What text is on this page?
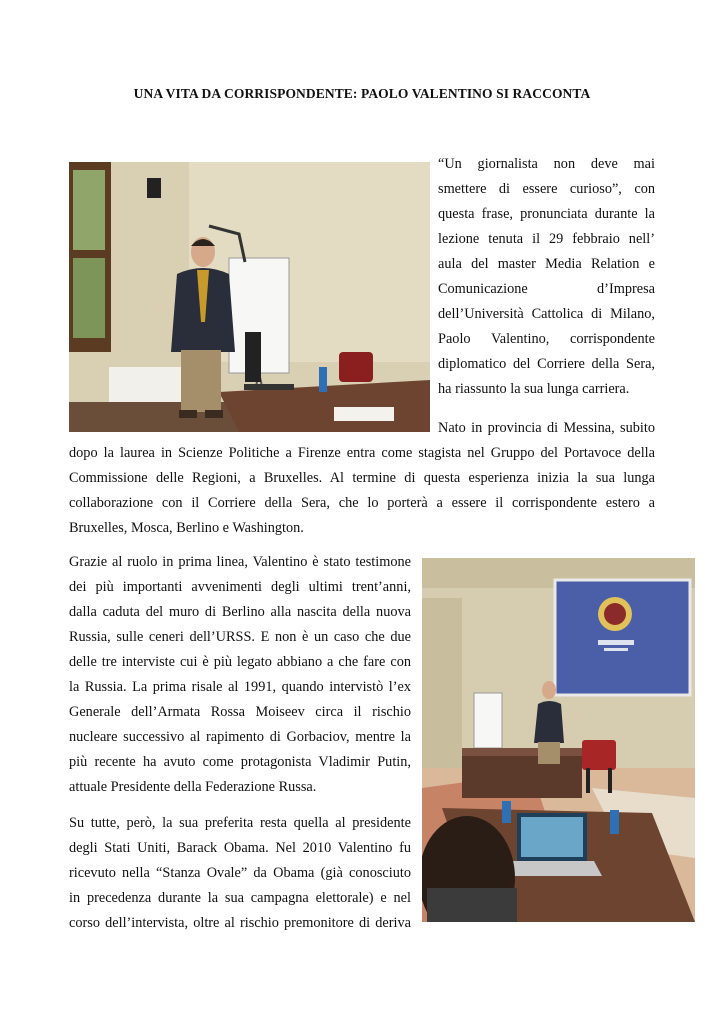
UNA VITA DA CORRISPONDENTE: PAOLO VALENTINO SI RACCONTA
“Un giornalista non deve mai
smettere di essere curioso”, con
questa frase, pronunciata durante la
lezione tenuta il 29 febbraio nell’
aula del master Media Relation e
Comunicazione d’Impresa
dell’Università Cattolica di Milano,
Paolo Valentino, corrispondente
diplomatico del Corriere della Sera,
ha riassunto la sua lunga carriera.
Nato in provincia di Messina, subito
dopo la laurea in Scienze Politiche a Firenze entra come stagista nel Gruppo del Portavoce della
Commissione delle Regioni, a Bruxelles. Al termine di questa esperienza inizia la sua lunga
collaborazione con il Corriere della Sera, che lo porterà a essere il corrispondente estero a
Bruxelles, Mosca, Berlino e Washington.
Grazie al ruolo in prima linea, Valentino è stato testimone
dei più importanti avvenimenti degli ultimi trent’anni,
dalla caduta del muro di Berlino alla nascita della nuova
Russia, sulle ceneri dell’URSS. E non è un caso che due
delle tre interviste cui è più legato abbiano a che fare con
la Russia. La prima risale al 1991, quando intervistò l’ex
Generale dell’Armata Rossa Moiseev circa il rischio
nucleare successivo al rapimento di Gorbaciov, mentre la
più recente ha avuto come protagonista Vladimir Putin,
attuale Presidente della Federazione Russa.
Su tutte, però, la sua preferita resta quella al presidente
degli Stati Uniti, Barack Obama. Nel 2010 Valentino fu
ricevuto nella “Stanza Ovale” da Obama (già conosciuto
in precedenza durante la sua campagna elettorale) e nel
corso dell’intervista, oltre al rischio premonitore di deriva
